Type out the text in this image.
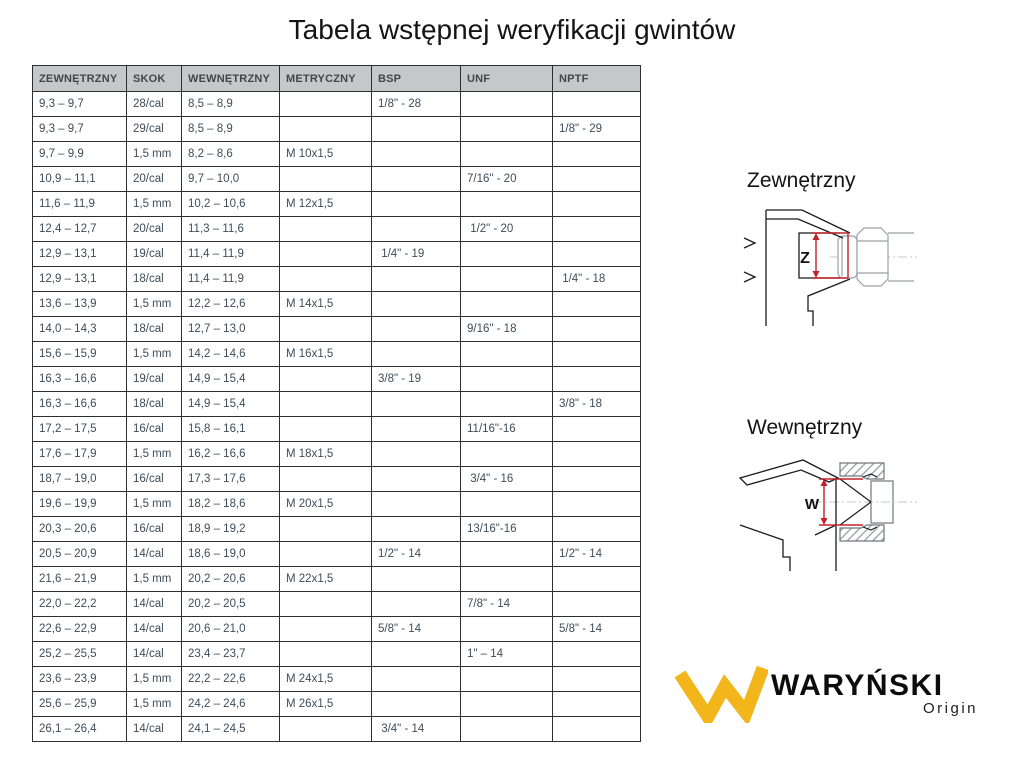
Tabela wstępnej weryfikacji gwintów
ZEWNĘTRZNY	SKOK	WEWNĘTRZNY	METRYCZNY	BSP	UNF	NPTF
9,3 – 9,7	28/cal	8,5 – 8,9		1/8" - 28		
9,3 – 9,7	29/cal	8,5 – 8,9				1/8" - 29
9,7 – 9,9	1,5 mm	8,2 – 8,6	M 10x1,5			
10,9 – 11,1	20/cal	9,7 – 10,0			7/16" - 20	
11,6 – 11,9	1,5 mm	10,2 – 10,6	M 12x1,5			
12,4 – 12,7	20/cal	11,3 – 11,6			1/2" - 20	
12,9 – 13,1	19/cal	11,4 – 11,9		1/4" - 19		
12,9 – 13,1	18/cal	11,4 – 11,9				1/4" - 18
13,6 – 13,9	1,5 mm	12,2 – 12,6	M 14x1,5			
14,0 – 14,3	18/cal	12,7 – 13,0			9/16" - 18	
15,6 – 15,9	1,5 mm	14,2 – 14,6	M 16x1,5			
16,3 – 16,6	19/cal	14,9 – 15,4		3/8" - 19		
16,3 – 16,6	18/cal	14,9 – 15,4				3/8" - 18
17,2 – 17,5	16/cal	15,8 – 16,1			11/16"-16	
17,6 – 17,9	1,5 mm	16,2 – 16,6	M 18x1,5			
18,7 – 19,0	16/cal	17,3 – 17,6			3/4" - 16	
19,6 – 19,9	1,5 mm	18,2 – 18,6	M 20x1,5			
20,3 – 20,6	16/cal	18,9 – 19,2			13/16"-16	
20,5 – 20,9	14/cal	18,6 – 19,0		1/2" - 14		1/2" - 14
21,6 – 21,9	1,5 mm	20,2 – 20,6	M 22x1,5			
22,0 – 22,2	14/cal	20,2 – 20,5			7/8" - 14	
22,6 – 22,9	14/cal	20,6 – 21,0		5/8" - 14		5/8" - 14
25,2 – 25,5	14/cal	23,4 – 23,7			1" – 14	
23,6 – 23,9	1,5 mm	22,2 – 22,6	M 24x1,5			
25,6 – 25,9	1,5 mm	24,2 – 24,6	M 26x1,5			
26,1 – 26,4	14/cal	24,1 – 24,5		3/4" - 14		
Zewnętrzny
Z
Wewnętrzny
W
WARYŃSKI
Origin
